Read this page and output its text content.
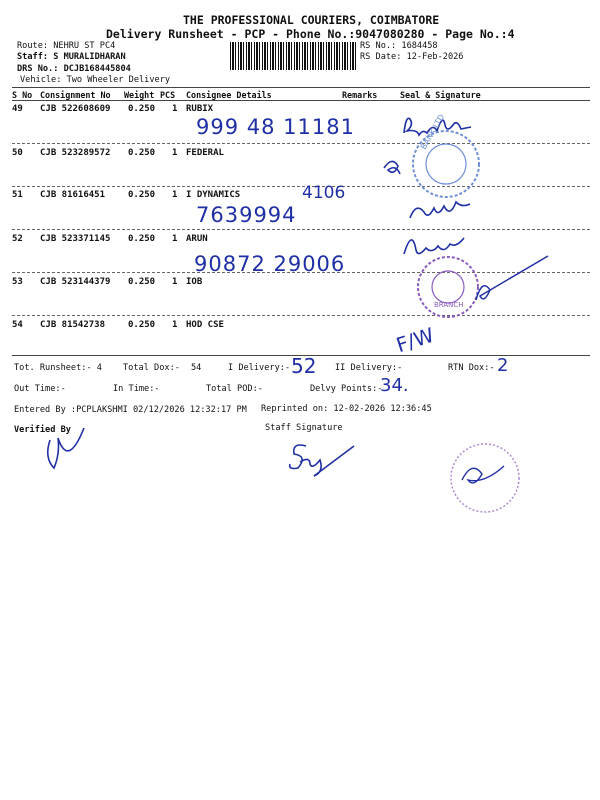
THE PROFESSIONAL COURIERS, COIMBATORE
Delivery Runsheet - PCP - Phone No.:9047080280 - Page No.:4
Route: NEHRU ST PC4
Staff: S MURALIDHARAN
DRS No.: DCJB168445804
Vehicle: Two Wheeler Delivery
RS No.: 1684458
RS Date: 12-Feb-2026
S No Consignment No Weight PCS Consignee Details	Remarks	Seal & Signature
49 CJB 522608609 0.250 1 RUBIX
50 CJB 523289572 0.250 1 FEDERAL
51 CJB 81616451	0.250 1 I DYNAMICS
52 CJB 523371145 0.250 1 ARUN
53 CJB 523144379 0.250 1 IOB
54 CJB 81542738	0.250 1 HOD CSE
999 48 11181
4106
7639994
90872 29006
BANK LTD
BRANCH
F/W
Tot. Runsheet:- 4 Total Dox:- 54	I Delivery:- 52 II Delivery:-	RTN Dox:- 2
Out Time:-	In Time:-	Total POD:-	Delvy Points:-
34.
Entered By :PCPLAKSHMI 02/12/2026 12:32:17 PM Reprinted on: 12-02-2026 12:36:45
Verified By	Staff Signature
